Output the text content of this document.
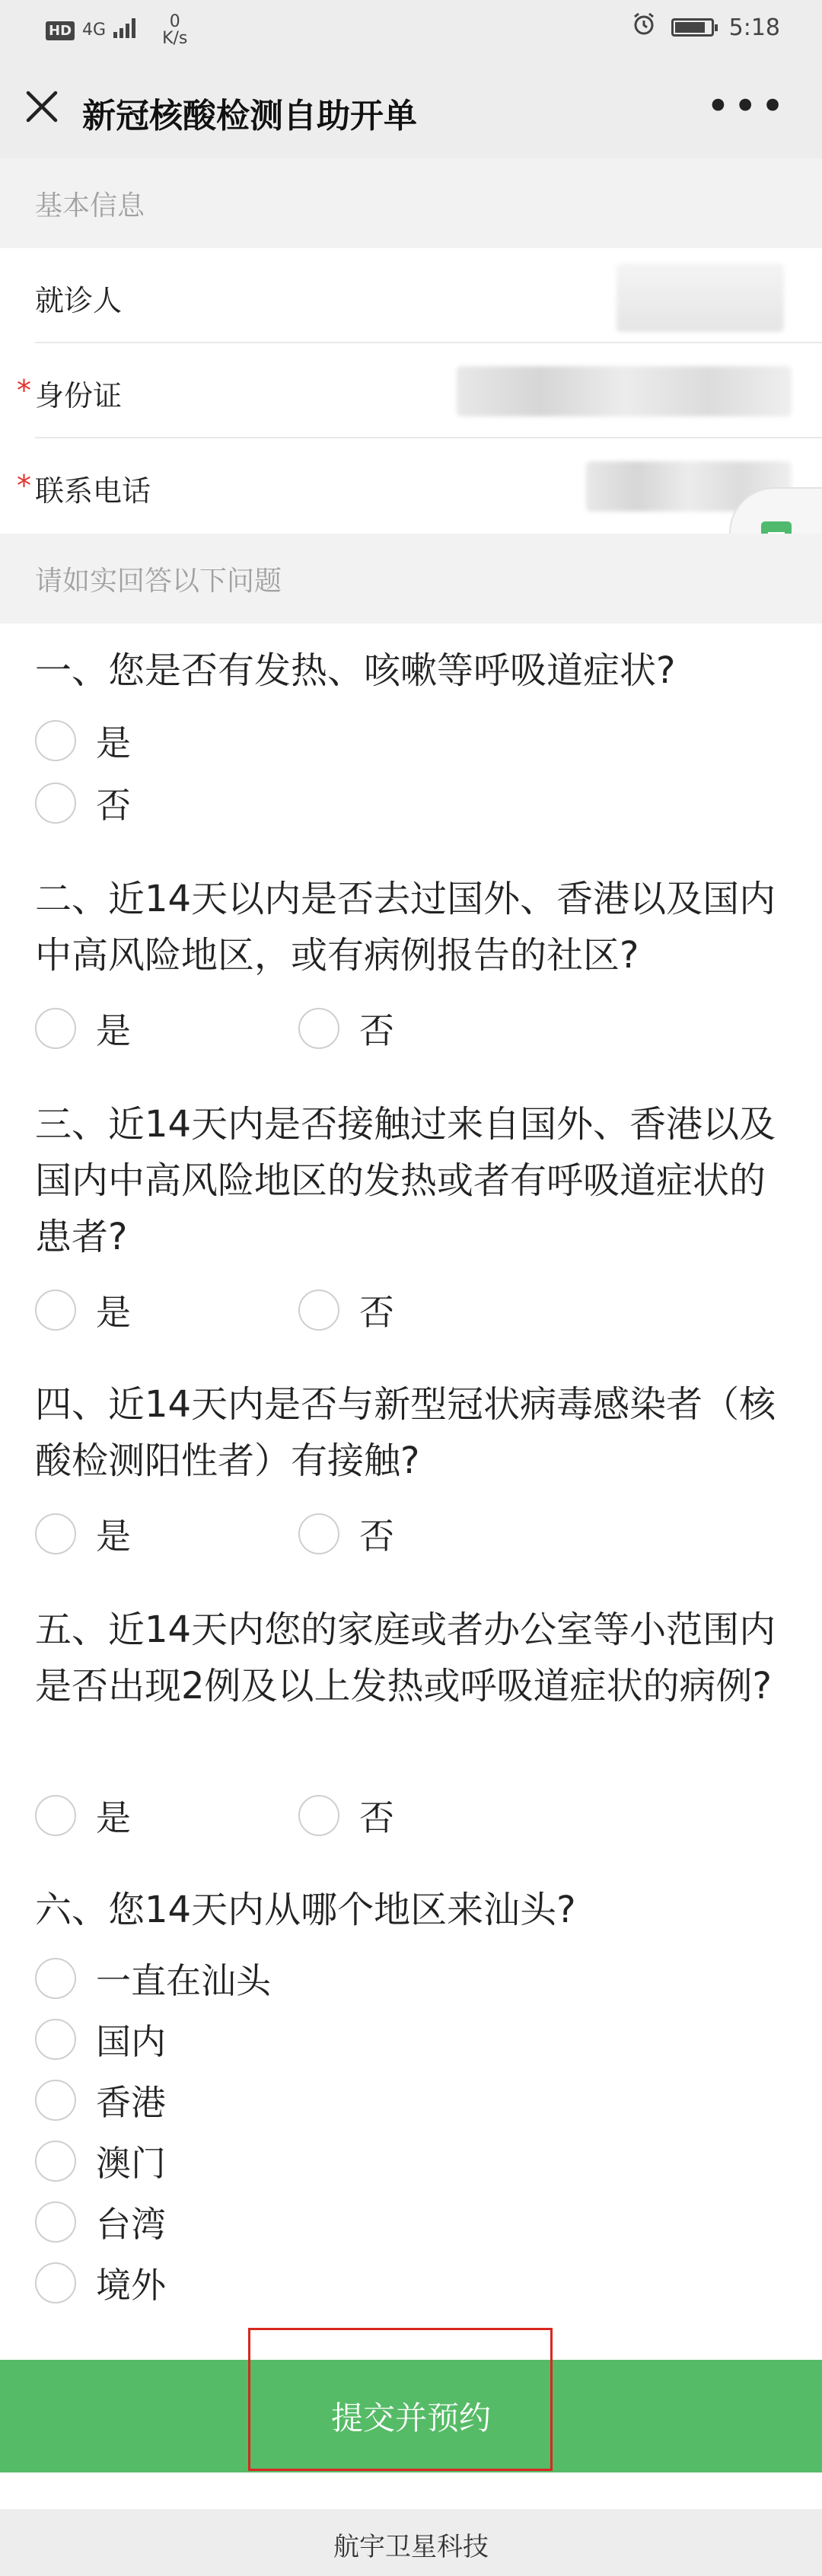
HD 4G	0
K/s	5:18
新冠核酸检测自助开单	•••
基本信息
就诊人
* 身份证
* 联系电话
请如实回答以下问题
一、您是否有发热、咳嗽等呼吸道症状?
是
否
二、近14天以内是否去过国外、香港以及国内中高风险地区，或有病例报告的社区?
是	否
三、近14天内是否接触过来自国外、香港以及国内中高风险地区的发热或者有呼吸道症状的患者?
是	否
四、近14天内是否与新型冠状病毒感染者（核酸检测阳性者）有接触?
是	否
五、近14天内您的家庭或者办公室等小范围内是否出现2例及以上发热或呼吸道症状的病例?
是	否
六、您14天内从哪个地区来汕头?
一直在汕头
国内
香港
澳门
台湾
境外
提交并预约
航宇卫星科技
